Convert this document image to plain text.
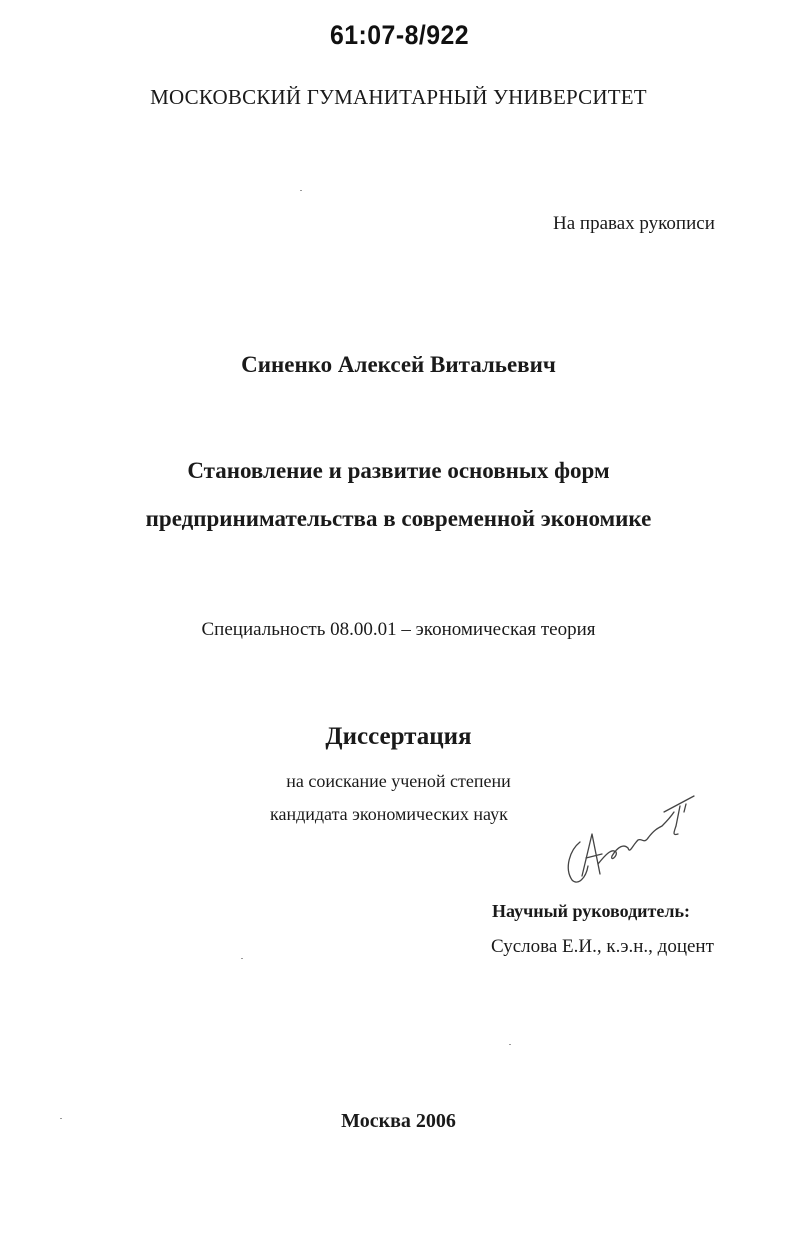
61:07-8/922
МОСКОВСКИЙ ГУМАНИТАРНЫЙ УНИВЕРСИТЕТ
На правах рукописи
Синенко Алексей Витальевич
Становление и развитие основных форм
предпринимательства в современной экономике
Специальность 08.00.01 – экономическая теория
Диссертация
на соискание ученой степени
кандидата экономических наук
Научный руководитель:
Суслова Е.И., к.э.н., доцент
Москва 2006
